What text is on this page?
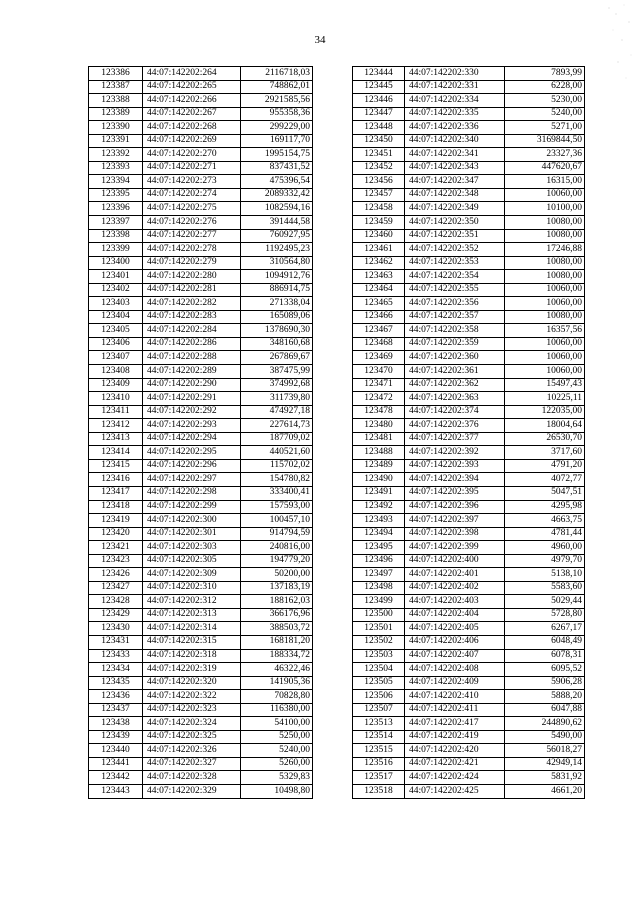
34
123386	44:07:142202:264	2116718,03
123387	44:07:142202:265	748862,01
123388	44:07:142202:266	2921585,56
123389	44:07:142202:267	955358,36
123390	44:07:142202:268	299229,00
123391	44:07:142202:269	169117,70
123392	44:07:142202:270	1995154,75
123393	44:07:142202:271	837431,52
123394	44:07:142202:273	475396,54
123395	44:07:142202:274	2089332,42
123396	44:07:142202:275	1082594,16
123397	44:07:142202:276	391444,58
123398	44:07:142202:277	760927,95
123399	44:07:142202:278	1192495,23
123400	44:07:142202:279	310564,80
123401	44:07:142202:280	1094912,76
123402	44:07:142202:281	886914,75
123403	44:07:142202:282	271338,04
123404	44:07:142202:283	165089,06
123405	44:07:142202:284	1378690,30
123406	44:07:142202:286	348160,68
123407	44:07:142202:288	267869,67
123408	44:07:142202:289	387475,99
123409	44:07:142202:290	374992,68
123410	44:07:142202:291	311739,80
123411	44:07:142202:292	474927,18
123412	44:07:142202:293	227614,73
123413	44:07:142202:294	187709,02
123414	44:07:142202:295	440521,60
123415	44:07:142202:296	115702,02
123416	44:07:142202:297	154780,82
123417	44:07:142202:298	333400,41
123418	44:07:142202:299	157593,00
123419	44:07:142202:300	100457,10
123420	44:07:142202:301	914794,59
123421	44:07:142202:303	240816,00
123423	44:07:142202:305	194779,20
123426	44:07:142202:309	50200,00
123427	44:07:142202:310	137183,19
123428	44:07:142202:312	188162,03
123429	44:07:142202:313	366176,96
123430	44:07:142202:314	388503,72
123431	44:07:142202:315	168181,20
123433	44:07:142202:318	188334,72
123434	44:07:142202:319	46322,46
123435	44:07:142202:320	141905,36
123436	44:07:142202:322	70828,80
123437	44:07:142202:323	116380,00
123438	44:07:142202:324	54100,00
123439	44:07:142202:325	5250,00
123440	44:07:142202:326	5240,00
123441	44:07:142202:327	5260,00
123442	44:07:142202:328	5329,83
123443	44:07:142202:329	10498,80
123444	44:07:142202:330	7893,99
123445	44:07:142202:331	6228,00
123446	44:07:142202:334	5230,00
123447	44:07:142202:335	5240,00
123448	44:07:142202:336	5271,00
123450	44:07:142202:340	3169844,50
123451	44:07:142202:341	23327,36
123452	44:07:142202:343	447620,67
123456	44:07:142202:347	16315,00
123457	44:07:142202:348	10060,00
123458	44:07:142202:349	10100,00
123459	44:07:142202:350	10080,00
123460	44:07:142202:351	10080,00
123461	44:07:142202:352	17246,88
123462	44:07:142202:353	10080,00
123463	44:07:142202:354	10080,00
123464	44:07:142202:355	10060,00
123465	44:07:142202:356	10060,00
123466	44:07:142202:357	10080,00
123467	44:07:142202:358	16357,56
123468	44:07:142202:359	10060,00
123469	44:07:142202:360	10060,00
123470	44:07:142202:361	10060,00
123471	44:07:142202:362	15497,43
123472	44:07:142202:363	10225,11
123478	44:07:142202:374	122035,00
123480	44:07:142202:376	18004,64
123481	44:07:142202:377	26530,70
123488	44:07:142202:392	3717,60
123489	44:07:142202:393	4791,20
123490	44:07:142202:394	4072,77
123491	44:07:142202:395	5047,51
123492	44:07:142202:396	4295,98
123493	44:07:142202:397	4663,75
123494	44:07:142202:398	4781,44
123495	44:07:142202:399	4960,00
123496	44:07:142202:400	4979,70
123497	44:07:142202:401	5138,10
123498	44:07:142202:402	5583,60
123499	44:07:142202:403	5029,44
123500	44:07:142202:404	5728,80
123501	44:07:142202:405	6267,17
123502	44:07:142202:406	6048,49
123503	44:07:142202:407	6078,31
123504	44:07:142202:408	6095,52
123505	44:07:142202:409	5906,28
123506	44:07:142202:410	5888,20
123507	44:07:142202:411	6047,88
123513	44:07:142202:417	244890,62
123514	44:07:142202:419	5490,00
123515	44:07:142202:420	56018,27
123516	44:07:142202:421	42949,14
123517	44:07:142202:424	5831,92
123518	44:07:142202:425	4661,20
